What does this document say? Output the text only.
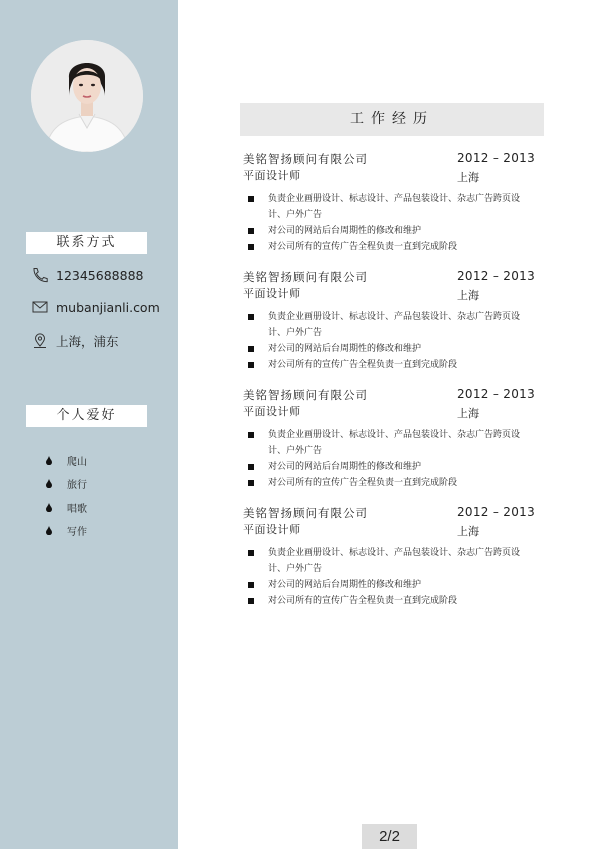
联系方式
12345688888
mubanjianli.com
上海，浦东
个人爱好
爬山
旅行
唱歌
写作
工作经历
美铭智扬顾问有限公司
平面设计师
2012 – 2013
上海
负责企业画册设计、标志设计、产品包装设计、杂志广告跨页设计、户外广告
对公司的网站后台周期性的修改和维护
对公司所有的宣传广告全程负责一直到完成阶段
美铭智扬顾问有限公司
平面设计师
2012 – 2013
上海
负责企业画册设计、标志设计、产品包装设计、杂志广告跨页设计、户外广告
对公司的网站后台周期性的修改和维护
对公司所有的宣传广告全程负责一直到完成阶段
美铭智扬顾问有限公司
平面设计师
2012 – 2013
上海
负责企业画册设计、标志设计、产品包装设计、杂志广告跨页设计、户外广告
对公司的网站后台周期性的修改和维护
对公司所有的宣传广告全程负责一直到完成阶段
美铭智扬顾问有限公司
平面设计师
2012 – 2013
上海
负责企业画册设计、标志设计、产品包装设计、杂志广告跨页设计、户外广告
对公司的网站后台周期性的修改和维护
对公司所有的宣传广告全程负责一直到完成阶段
2/2
